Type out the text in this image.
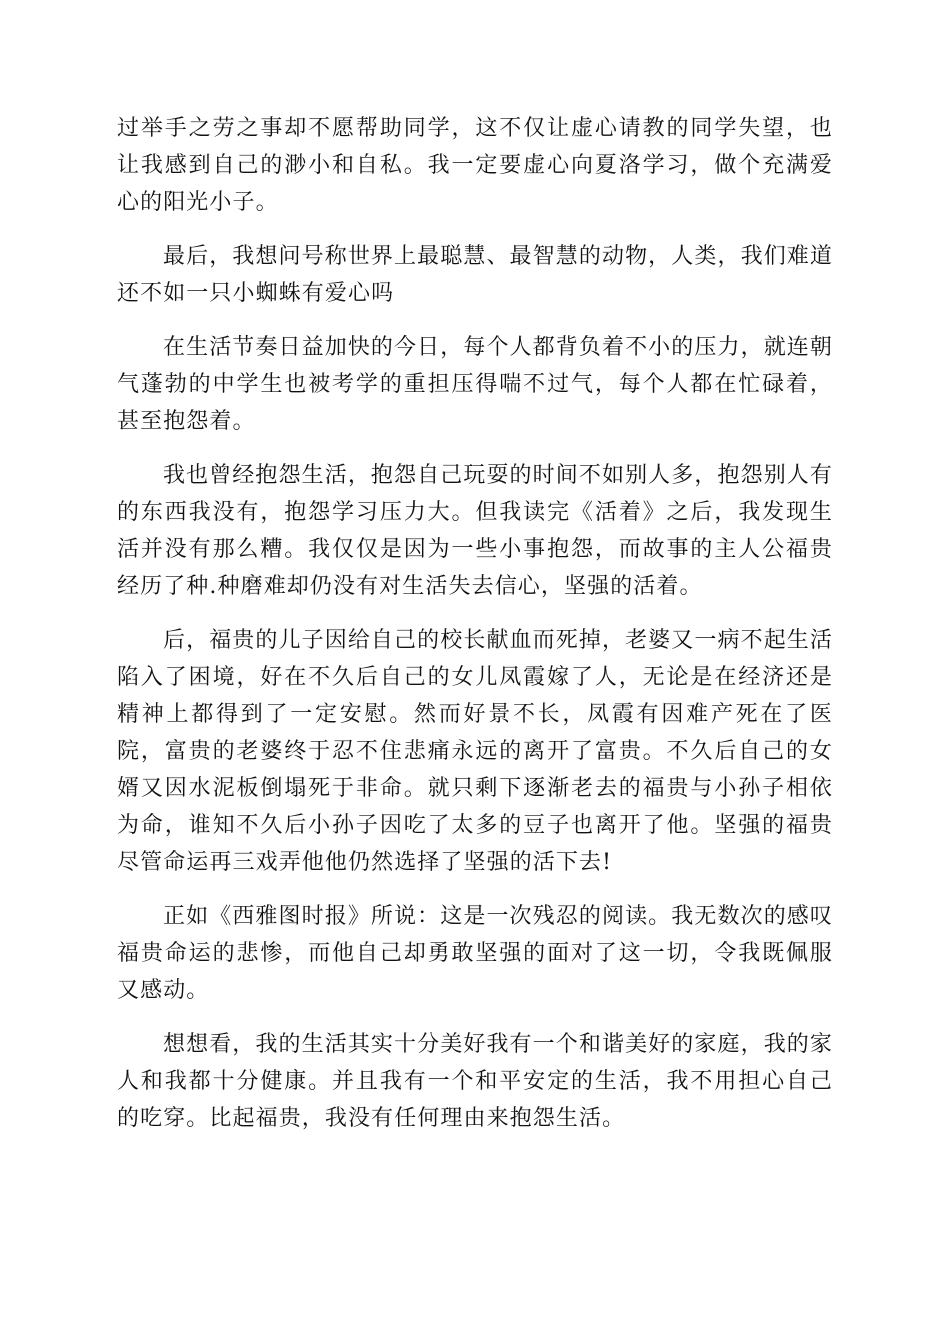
过举手之劳之事却不愿帮助同学，这不仅让虚心请教的同学失望，也让我感到自己的渺小和自私。我一定要虚心向夏洛学习，做个充满爱心的阳光小子。

最后，我想问号称世界上最聪慧、最智慧的动物，人类，我们难道还不如一只小蜘蛛有爱心吗

在生活节奏日益加快的今日，每个人都背负着不小的压力，就连朝气蓬勃的中学生也被考学的重担压得喘不过气，每个人都在忙碌着，甚至抱怨着。

我也曾经抱怨生活，抱怨自己玩耍的时间不如别人多，抱怨别人有的东西我没有，抱怨学习压力大。但我读完《活着》之后，我发现生活并没有那么糟。我仅仅是因为一些小事抱怨，而故事的主人公福贵经历了种.种磨难却仍没有对生活失去信心，坚强的活着。

后，福贵的儿子因给自己的校长献血而死掉，老婆又一病不起生活陷入了困境，好在不久后自己的女儿凤霞嫁了人，无论是在经济还是精神上都得到了一定安慰。然而好景不长，凤霞有因难产死在了医院，富贵的老婆终于忍不住悲痛永远的离开了富贵。不久后自己的女婿又因水泥板倒塌死于非命。就只剩下逐渐老去的福贵与小孙子相依为命，谁知不久后小孙子因吃了太多的豆子也离开了他。坚强的福贵尽管命运再三戏弄他他仍然选择了坚强的活下去!

正如《西雅图时报》所说：这是一次残忍的阅读。我无数次的感叹福贵命运的悲惨，而他自己却勇敢坚强的面对了这一切，令我既佩服又感动。

想想看，我的生活其实十分美好我有一个和谐美好的家庭，我的家人和我都十分健康。并且我有一个和平安定的生活，我不用担心自己的吃穿。比起福贵，我没有任何理由来抱怨生活。
